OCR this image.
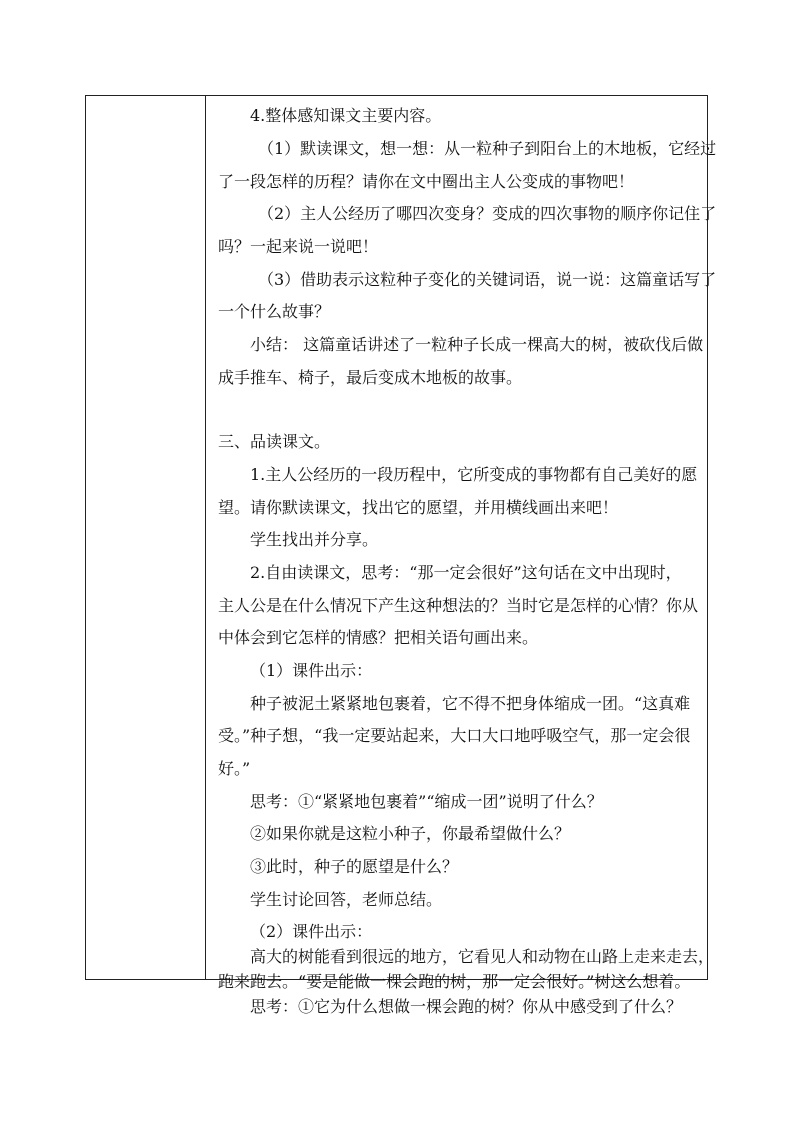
4.整体感知课文主要内容。
（1）默读课文，想一想：从一粒种子到阳台上的木地板，它经过
了一段怎样的历程？请你在文中圈出主人公变成的事物吧！
（2）主人公经历了哪四次变身？变成的四次事物的顺序你记住了
吗？一起来说一说吧！
（3）借助表示这粒种子变化的关键词语，说一说：这篇童话写了
一个什么故事？
小结： 这篇童话讲述了一粒种子长成一棵高大的树，被砍伐后做
成手推车、椅子，最后变成木地板的故事。
三、品读课文。
1.主人公经历的一段历程中，它所变成的事物都有自己美好的愿
望。请你默读课文，找出它的愿望，并用横线画出来吧！
学生找出并分享。
2.自由读课文，思考：“那一定会很好”这句话在文中出现时，
主人公是在什么情况下产生这种想法的？当时它是怎样的心情？你从
中体会到它怎样的情感？把相关语句画出来。
（1）课件出示：
种子被泥土紧紧地包裹着，它不得不把身体缩成一团。“这真难
受。”种子想，“我一定要站起来，大口大口地呼吸空气，那一定会很
好。”
思考：①“紧紧地包裹着”“缩成一团”说明了什么？
②如果你就是这粒小种子，你最希望做什么？
③此时，种子的愿望是什么？
学生讨论回答，老师总结。
（2）课件出示：
高大的树能看到很远的地方，它看见人和动物在山路上走来走去，
跑来跑去。“要是能做一棵会跑的树，那一定会很好。”树这么想着。
思考：①它为什么想做一棵会跑的树？你从中感受到了什么？
